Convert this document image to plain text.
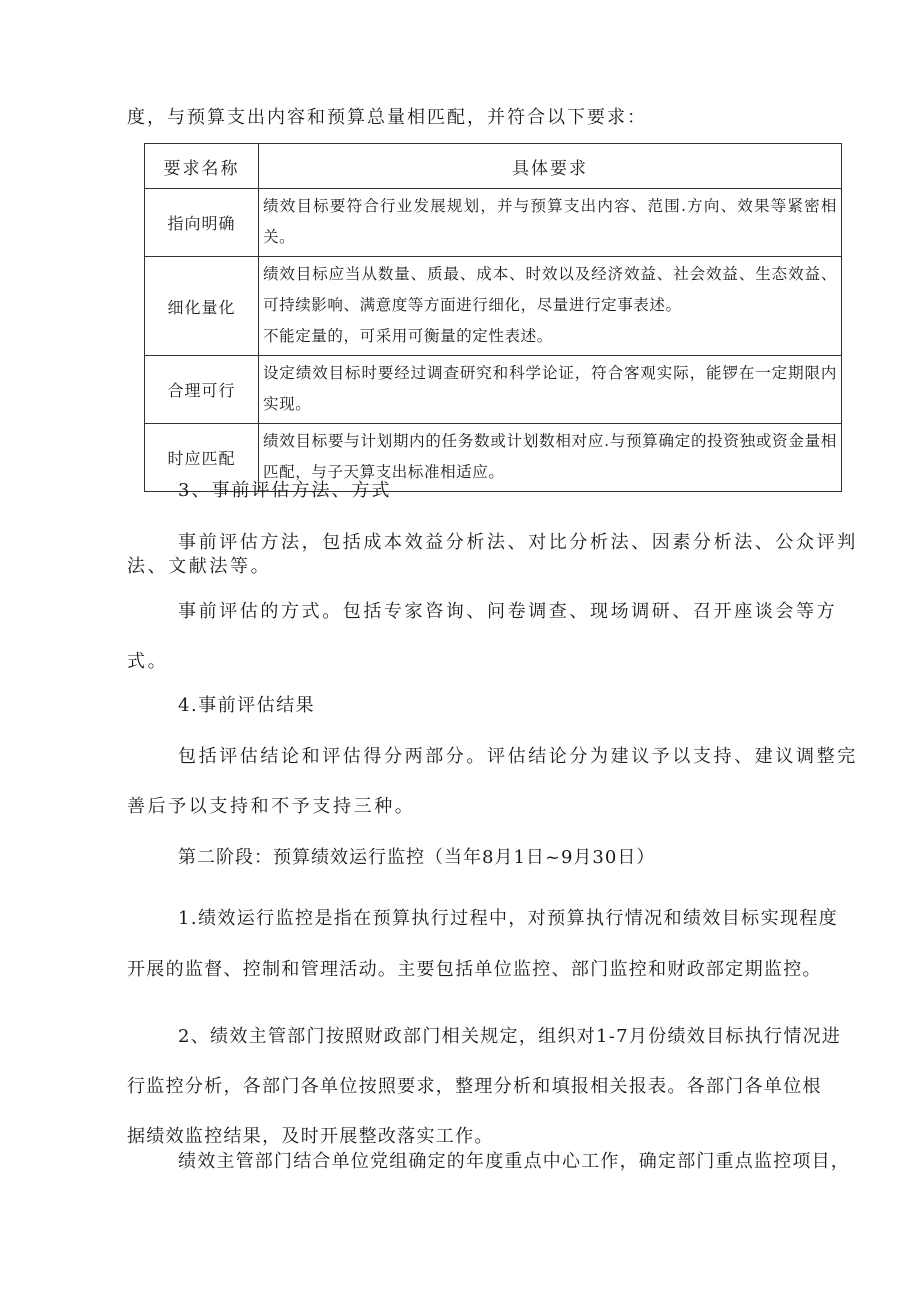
度，与预算支出内容和预算总量相匹配，并符合以下要求：
要求名称	具体要求
指向明确	绩效目标要符合行业发展规划，并与预算支出内容、范围.方向、效果等紧密相关。

细化量化	绩效目标应当从数量、质最、成本、时效以及经济效益、社会效益、生态效益、可持续影响、满意度等方面进行细化，尽量进行定事表述。
不能定量的，可采用可衡量的定性表述。

合理可行	设定绩效目标时要经过调查研究和科学论证，符合客观实际，能锣在一定期限内实现。

时应匹配	绩效目标要与计划期内的任务数或计划数相对应.与预算确定的投资独或资金量相匹配，与子天算支出标准相适应。
3、事前评估方法、方式
事前评估方法，包括成本效益分析法、对比分析法、因素分析法、公众评判
法、文献法等。
事前评估的方式。包括专家咨询、问卷调查、现场调研、召开座谈会等方
式。
4.事前评估结果
包括评估结论和评估得分两部分。评估结论分为建议予以支持、建议调整完
善后予以支持和不予支持三种。
第二阶段：预算绩效运行监控（当年8月1日~9月30日）
1.绩效运行监控是指在预算执行过程中，对预算执行情况和绩效目标实现程度
开展的监督、控制和管理活动。主要包括单位监控、部门监控和财政部定期监控。
2、绩效主管部门按照财政部门相关规定，组织对1-7月份绩效目标执行情况进
行监控分析，各部门各单位按照要求，整理分析和填报相关报表。各部门各单位根
据绩效监控结果，及时开展整改落实工作。
绩效主管部门结合单位党组确定的年度重点中心工作，确定部门重点监控项目，
